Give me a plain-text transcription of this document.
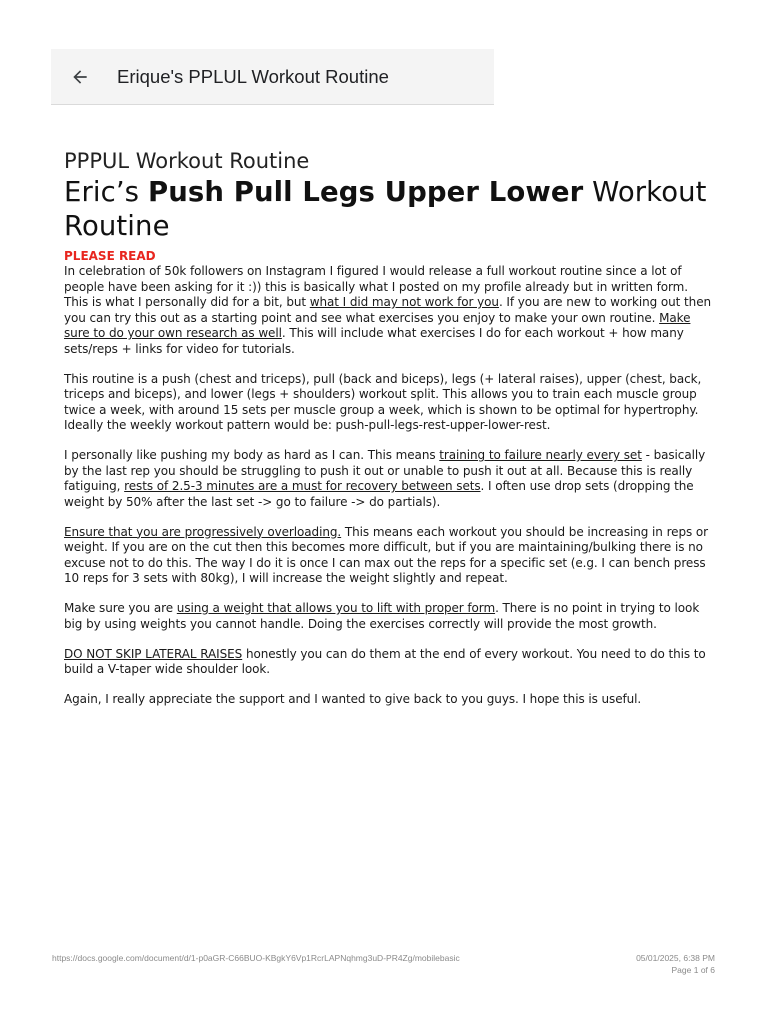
Erique's PPLUL Workout Routine
PPPUL Workout Routine
Eric’s Push Pull Legs Upper Lower Workout Routine

PLEASE READ

In celebration of 50k followers on Instagram I figured I would release a full workout routine since a lot of people have been asking for it :)) this is basically what I posted on my profile already but in written form. This is what I personally did for a bit, but what I did may not work for you. If you are new to working out then you can try this out as a starting point and see what exercises you enjoy to make your own routine. Make sure to do your own research as well. This will include what exercises I do for each workout + how many sets/reps + links for video for tutorials.

This routine is a push (chest and triceps), pull (back and biceps), legs (+ lateral raises), upper (chest, back, triceps and biceps), and lower (legs + shoulders) workout split. This allows you to train each muscle group twice a week, with around 15 sets per muscle group a week, which is shown to be optimal for hypertrophy. Ideally the weekly workout pattern would be: push-pull-legs-rest-upper-lower-rest.

I personally like pushing my body as hard as I can. This means training to failure nearly every set - basically by the last rep you should be struggling to push it out or unable to push it out at all. Because this is really fatiguing, rests of 2.5-3 minutes are a must for recovery between sets. I often use drop sets (dropping the weight by 50% after the last set -> go to failure -> do partials).

Ensure that you are progressively overloading. This means each workout you should be increasing in reps or weight. If you are on the cut then this becomes more difficult, but if you are maintaining/bulking there is no excuse not to do this. The way I do it is once I can max out the reps for a specific set (e.g. I can bench press 10 reps for 3 sets with 80kg), I will increase the weight slightly and repeat.

Make sure you are using a weight that allows you to lift with proper form. There is no point in trying to look big by using weights you cannot handle. Doing the exercises correctly will provide the most growth.

DO NOT SKIP LATERAL RAISES honestly you can do them at the end of every workout. You need to do this to build a V-taper wide shoulder look.

Again, I really appreciate the support and I wanted to give back to you guys. I hope this is useful.

https://docs.google.com/document/d/1-p0aGR-C66BUO-KBgkY6Vp1RcrLAPNqhmg3uD-PR4Zg/mobilebasic	05/01/2025, 6:38 PM
Page 1 of 6
